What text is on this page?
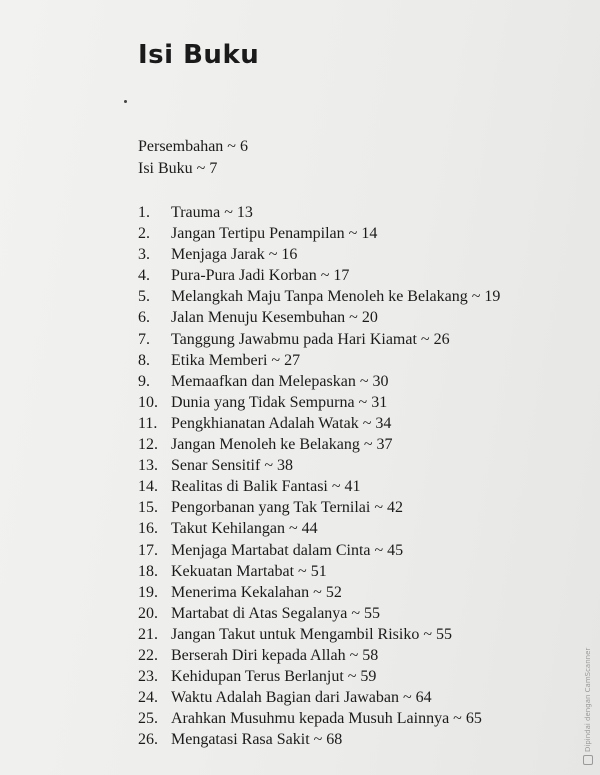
Isi Buku
Persembahan ~ 6
Isi Buku ~ 7
1. Trauma ~ 13
2. Jangan Tertipu Penampilan ~ 14
3. Menjaga Jarak ~ 16
4. Pura-Pura Jadi Korban ~ 17
5. Melangkah Maju Tanpa Menoleh ke Belakang ~ 19
6. Jalan Menuju Kesembuhan ~ 20
7. Tanggung Jawabmu pada Hari Kiamat ~ 26
8. Etika Memberi ~ 27
9. Memaafkan dan Melepaskan ~ 30
10. Dunia yang Tidak Sempurna ~ 31
11. Pengkhianatan Adalah Watak ~ 34
12. Jangan Menoleh ke Belakang ~ 37
13. Senar Sensitif ~ 38
14. Realitas di Balik Fantasi ~ 41
15. Pengorbanan yang Tak Ternilai ~ 42
16. Takut Kehilangan ~ 44
17. Menjaga Martabat dalam Cinta ~ 45
18. Kekuatan Martabat ~ 51
19. Menerima Kekalahan ~ 52
20. Martabat di Atas Segalanya ~ 55
21. Jangan Takut untuk Mengambil Risiko ~ 55
22. Berserah Diri kepada Allah ~ 58
23. Kehidupan Terus Berlanjut ~ 59
24. Waktu Adalah Bagian dari Jawaban ~ 64
25. Arahkan Musuhmu kepada Musuh Lainnya ~ 65
26. Mengatasi Rasa Sakit ~ 68	Dipindai dengan CamScanner
